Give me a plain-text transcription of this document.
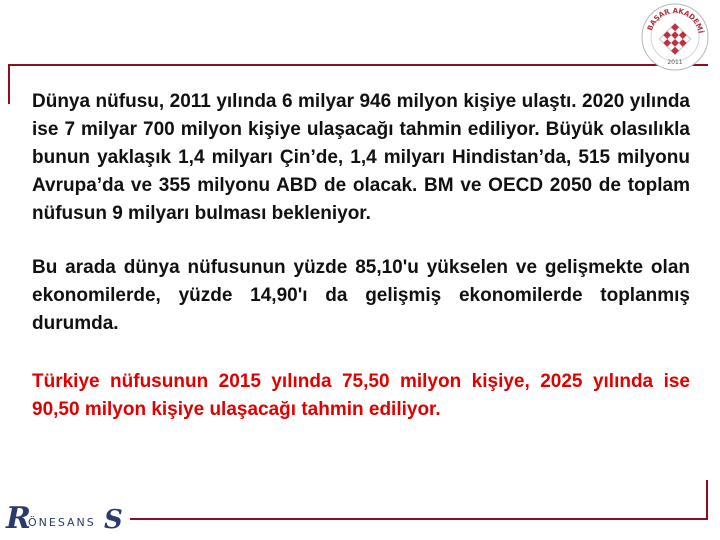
BAŞAR AKADEMİ
2011

Dünya nüfusu, 2011 yılında 6 milyar 946 milyon kişiye ulaştı. 2020 yılında ise 7 milyar 700 milyon kişiye ulaşacağı tahmin ediliyor. Büyük olasılıkla bunun yaklaşık 1,4 milyarı Çin’de, 1,4 milyarı Hindistan’da, 515 milyonu Avrupa’da ve 355 milyonu ABD de olacak. BM ve OECD 2050 de toplam nüfusun 9 milyarı bulması bekleniyor.

Bu arada dünya nüfusunun yüzde 85,10'u yükselen ve gelişmekte olan ekonomilerde, yüzde 14,90'ı da gelişmiş ekonomilerde toplanmış durumda.

Türkiye nüfusunun 2015 yılında 75,50 milyon kişiye, 2025 yılında ise 90,50 milyon kişiye ulaşacağı tahmin ediliyor.

R
ÖNESANS S
